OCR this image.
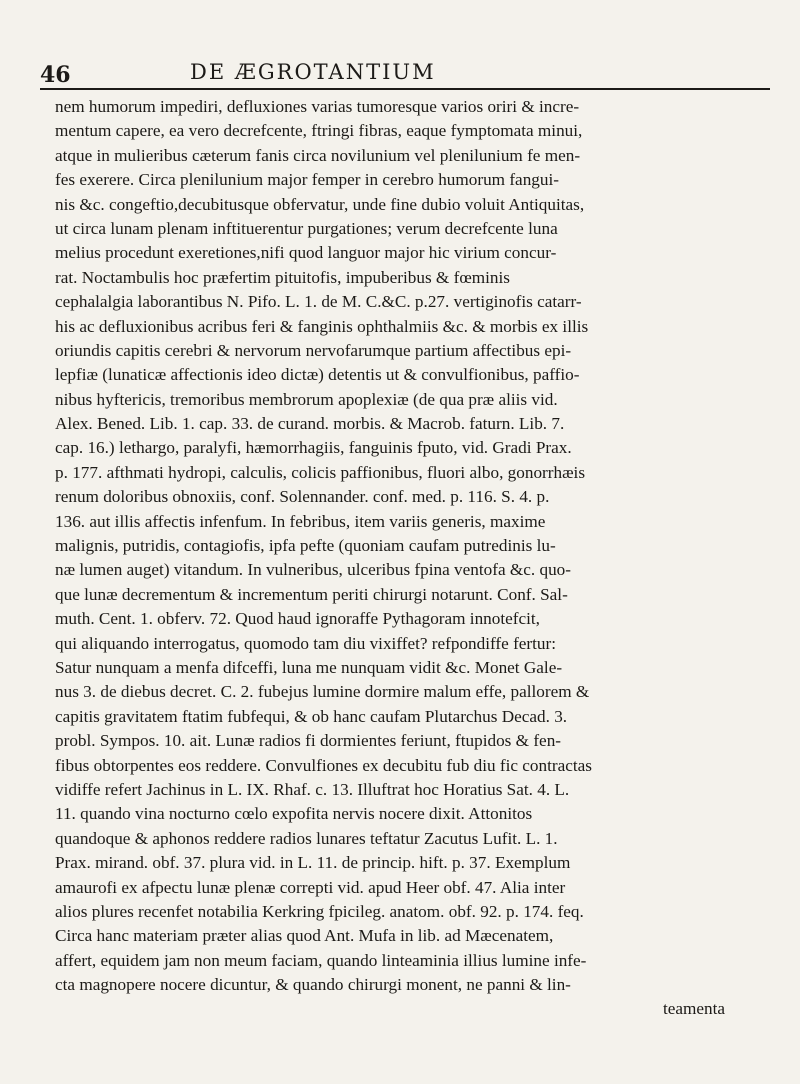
46	DE ÆGROTANTIUM
nem humorum impediri, defluxiones varias tumoresque varios oriri & incre-
mentum capere, ea vero decrefcente, ftringi fibras, eaque fymptomata minui,
atque in mulieribus cæterum fanis circa novilunium vel plenilunium fe men-
fes exerere. Circa plenilunium major femper in cerebro humorum fangui-
nis &c. congeftio,decubitusque obfervatur, unde fine dubio voluit Antiquitas,
ut circa lunam plenam inftituerentur purgationes; verum decrefcente luna
melius procedunt exeretiones,nifi quod languor major hic virium concur-
rat. Noctambulis hoc præfertim pituitofis, impuberibus & fœminis
cephalalgia laborantibus N. Pifo. L. 1. de M. C.&C. p.27. vertiginofis catarr-
his ac defluxionibus acribus feri & fanginis ophthalmiis &c. & morbis ex illis
oriundis capitis cerebri & nervorum nervofarumque partium affectibus epi-
lepfiæ (lunaticæ affectionis ideo dictæ) detentis ut & convulfionibus, paffio-
nibus hyftericis, tremoribus membrorum apoplexiæ (de qua præ aliis vid.
Alex. Bened. Lib. 1. cap. 33. de curand. morbis. & Macrob. faturn. Lib. 7.
cap. 16.) lethargo, paralyfi, hæmorrhagiis, fanguinis fputo, vid. Gradi Prax.
p. 177. afthmati hydropi, calculis, colicis paffionibus, fluori albo, gonorrhæis
renum doloribus obnoxiis, conf. Solennander. conf. med. p. 116. S. 4. p.
136. aut illis affectis infenfum. In febribus, item variis generis, maxime
malignis, putridis, contagiofis, ipfa pefte (quoniam caufam putredinis lu-
næ lumen auget) vitandum. In vulneribus, ulceribus fpina ventofa &c. quo-
que lunæ decrementum & incrementum periti chirurgi notarunt. Conf. Sal-
muth. Cent. 1. obferv. 72. Quod haud ignoraffe Pythagoram innotefcit,
qui aliquando interrogatus, quomodo tam diu vixiffet? refpondiffe fertur:
Satur nunquam a menfa difceffi, luna me nunquam vidit &c. Monet Gale-
nus 3. de diebus decret. C. 2. fubejus lumine dormire malum effe, pallorem &
capitis gravitatem ftatim fubfequi, & ob hanc caufam Plutarchus Decad. 3.
probl. Sympos. 10. ait. Lunæ radios fi dormientes feriunt, ftupidos & fen-
fibus obtorpentes eos reddere. Convulfiones ex decubitu fub diu fic contractas
vidiffe refert Jachinus in L. IX. Rhaf. c. 13. Illuftrat hoc Horatius Sat. 4. L.
11. quando vina nocturno cœlo expofita nervis nocere dixit. Attonitos
quandoque & aphonos reddere radios lunares teftatur Zacutus Lufit. L. 1.
Prax. mirand. obf. 37. plura vid. in L. 11. de princip. hift. p. 37. Exemplum
amaurofi ex afpectu lunæ plenæ correpti vid. apud Heer obf. 47. Alia inter
alios plures recenfet notabilia Kerkring fpicileg. anatom. obf. 92. p. 174. feq.
Circa hanc materiam præter alias quod Ant. Mufa in lib. ad Mæcenatem,
affert, equidem jam non meum faciam, quando linteaminia illius lumine infe-
cta magnopere nocere dicuntur, & quando chirurgi monent, ne panni & lin-
teamenta
